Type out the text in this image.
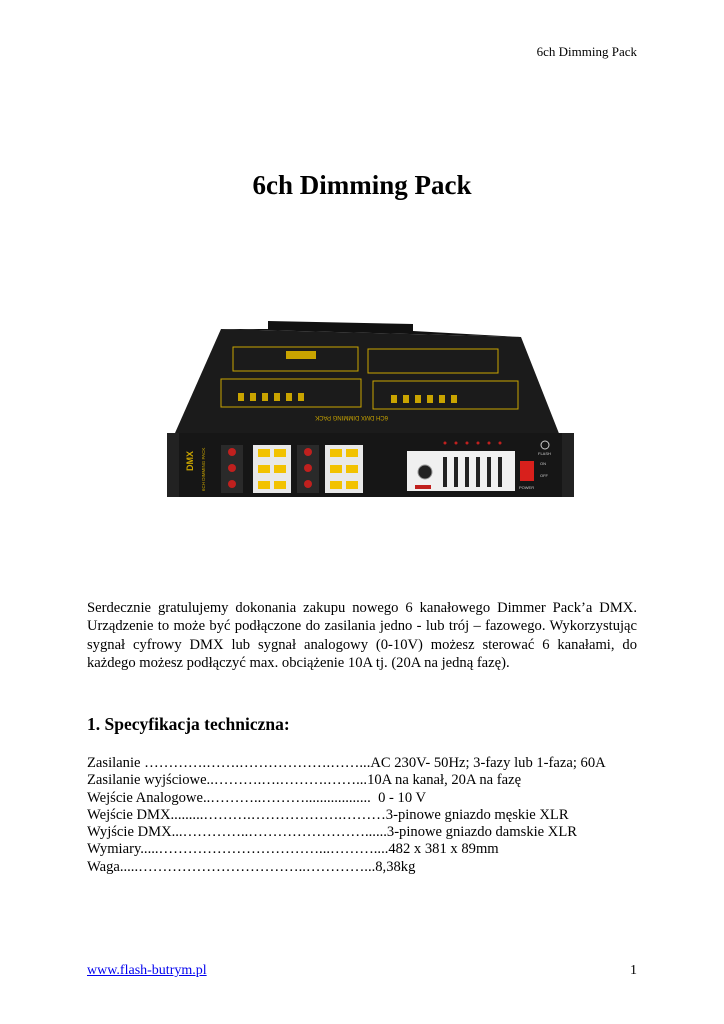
6ch Dimming Pack
6ch Dimming Pack
6CH DMX DIMMING PACK
DMX 6CH DIMMING PACK	FLASH
ON
OFF
POWER

Serdecznie gratulujemy dokonania zakupu nowego 6 kanałowego Dimmer Pack’a DMX. Urządzenie to może być podłączone do zasilania jedno - lub trój – fazowego. Wykorzystując sygnał cyfrowy DMX lub sygnał analogowy (0-10V) możesz sterować 6 kanałami, do każdego możesz podłączyć max. obciążenie 10A tj. (20A na jedną fazę).

1. Specyfikacja techniczna:
Zasilanie ………….…….……………….……...AC 230V- 50Hz; 3-fazy lub 1-faza; 60A
Zasilanie wyjściowe..……….….……….……...10A na kanał, 20A na fazę
Wejście Analogowe..………..………..................  0 - 10 V
Wejście DMX.........……….……………….………3-pinowe gniazdo męskie XLR
Wyjście DMX...…………..……………………......3-pinowe gniazdo damskie XLR
Wymiary.....……………………………...………....482 x 381 x 89mm
Waga.....……………………………..…………...8,38kg
www.flash-butrym.pl	1
